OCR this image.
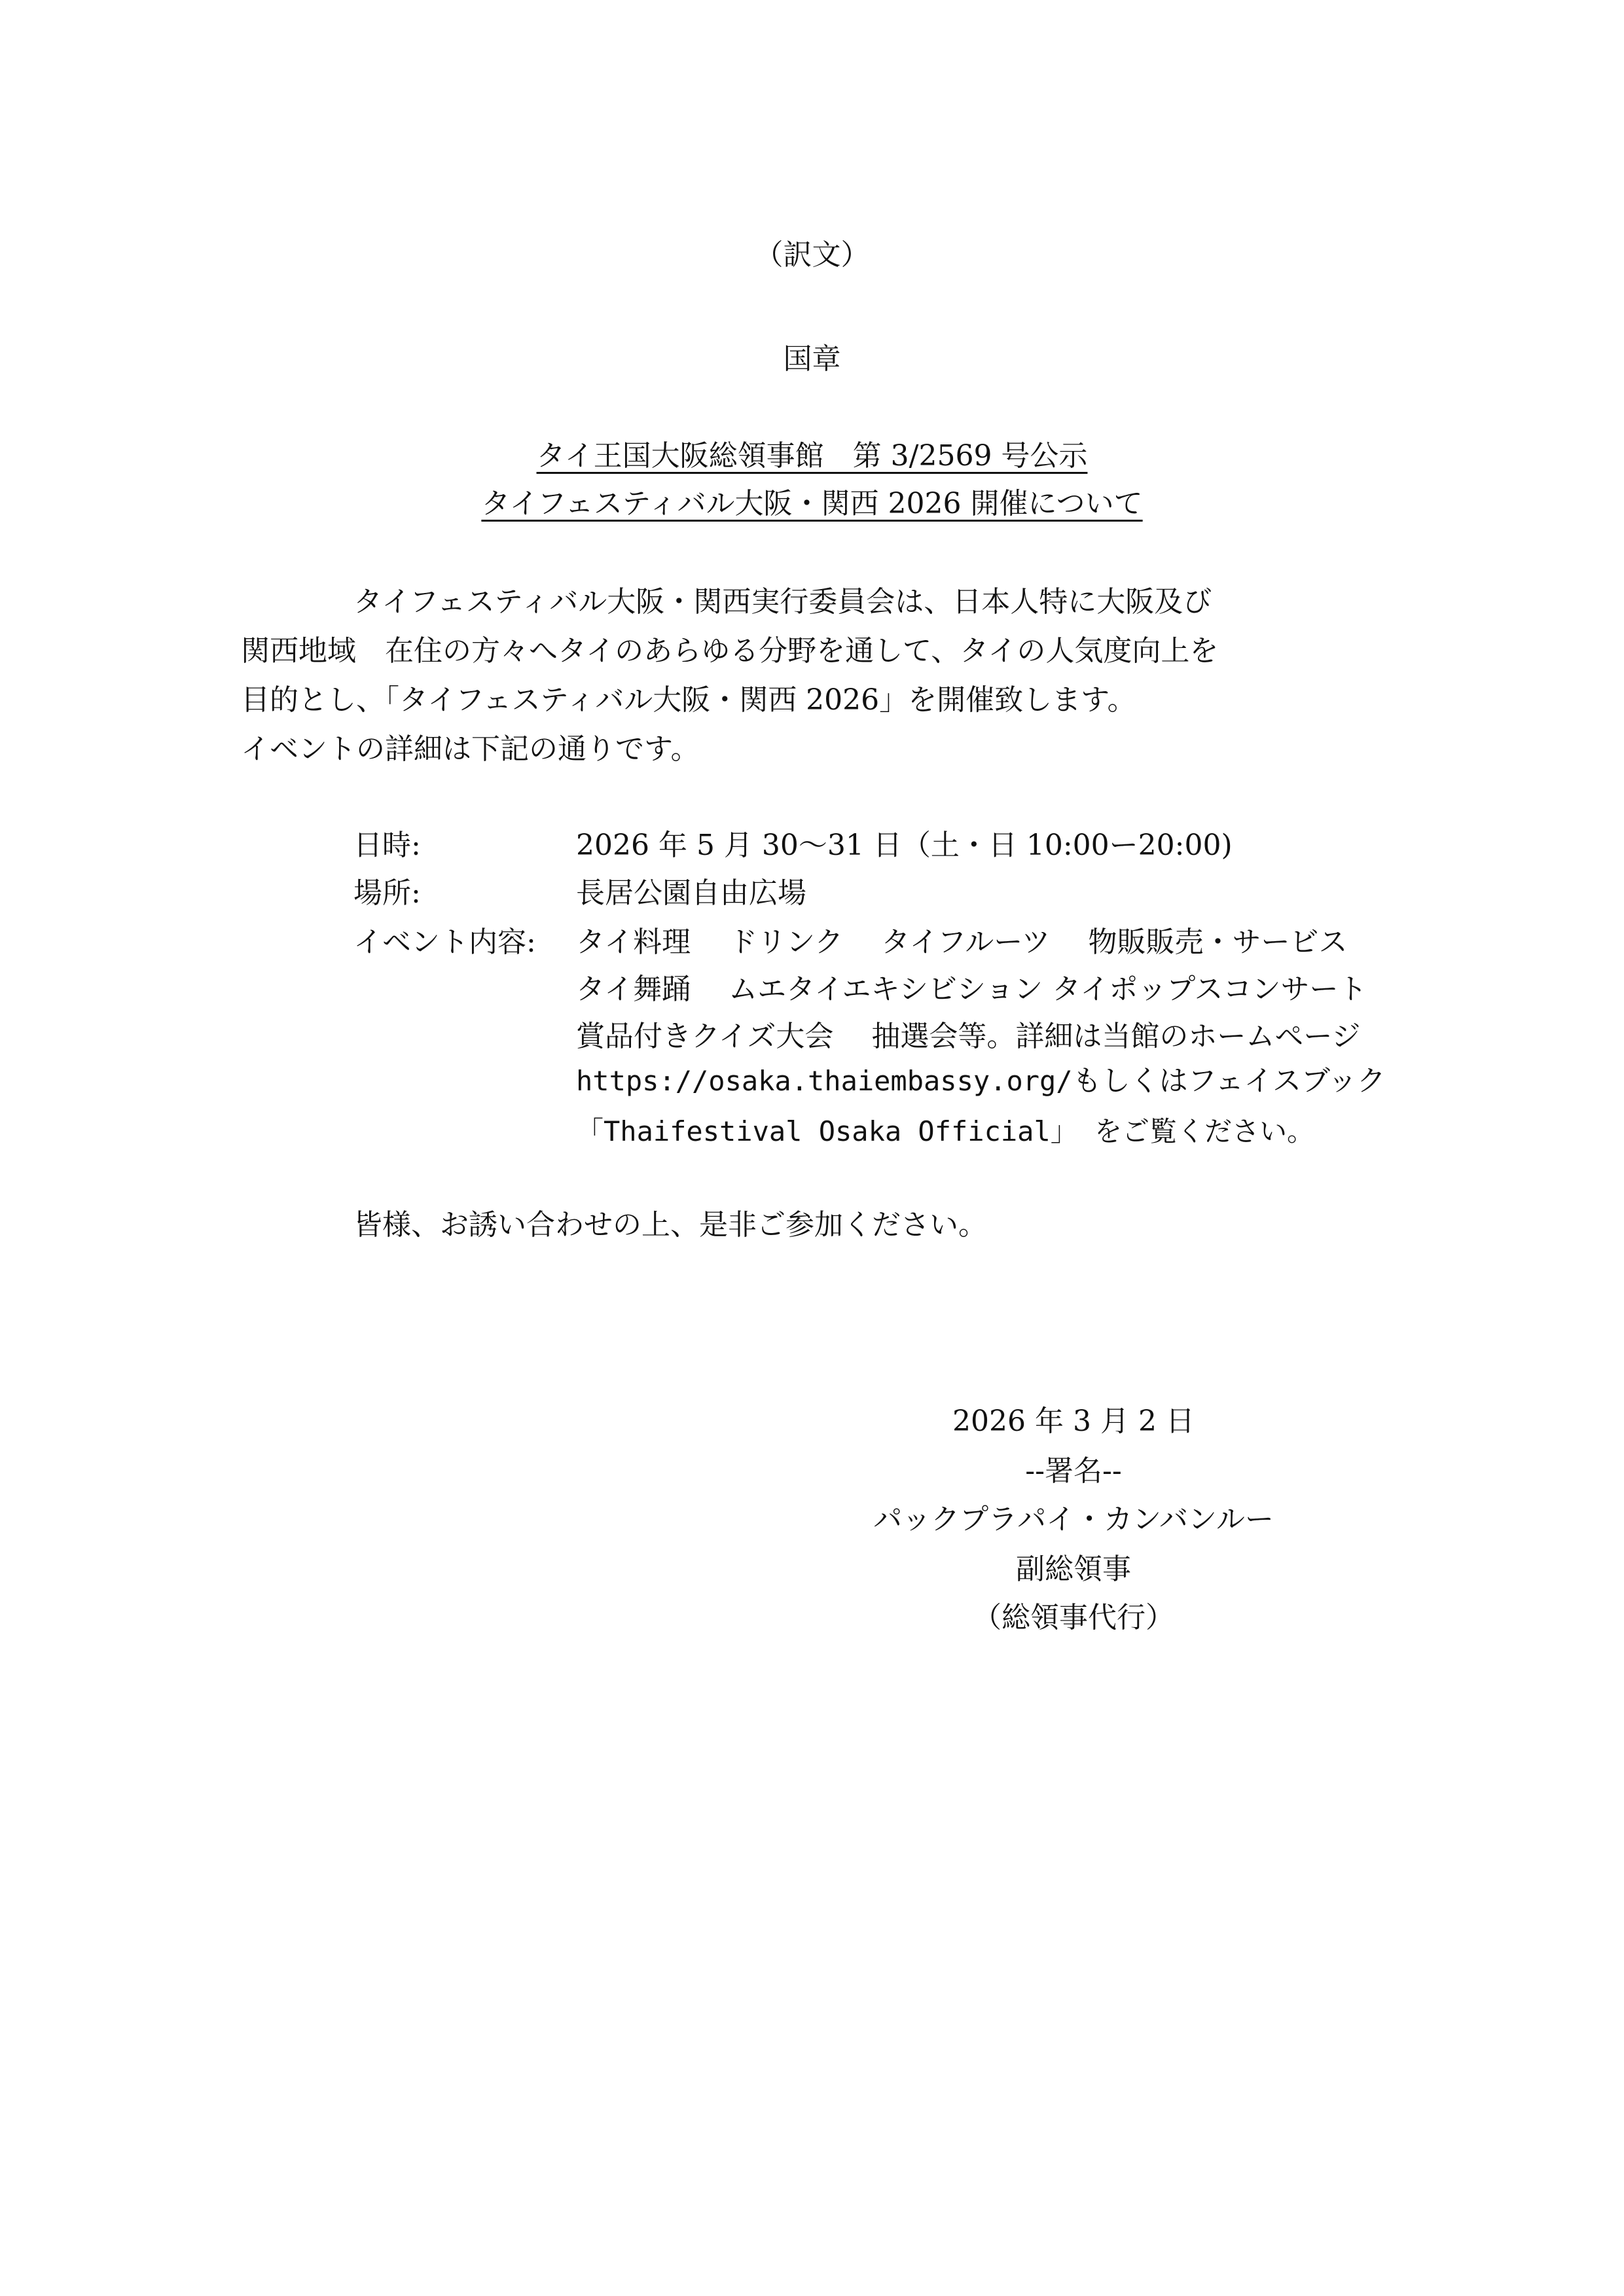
（訳文）
国章
タイ王国大阪総領事館　第 3/2569 号公示
タイフェスティバル大阪・関西 2026 開催について
タイフェスティバル大阪・関西実行委員会は、日本人特に大阪及び
関西地域　在住の方々へタイのあらゆる分野を通して、タイの人気度向上を
目的とし、「タイフェスティバル大阪・関西 2026」を開催致します。
イベントの詳細は下記の通りです。
日時:	2026 年 5 月 30～31 日（土・日 10:00ー20:00)
場所:	長居公園自由広場
イベント内容: タイ料理　 ドリンク　 タイフルーツ　 物販販売・サービス
タイ舞踊　 ムエタイエキシビション タイポップスコンサート
賞品付きクイズ大会　 抽選会等。詳細は当館のホームページ
https://osaka.thaiembassy.org/もしくはフェイスブック
「Thaifestival Osaka Official」 をご覧ください。
皆様、お誘い合わせの上、是非ご参加ください。
2026 年 3 月 2 日
--署名--
パックプラパイ・カンバンルー
副総領事
（総領事代行）
